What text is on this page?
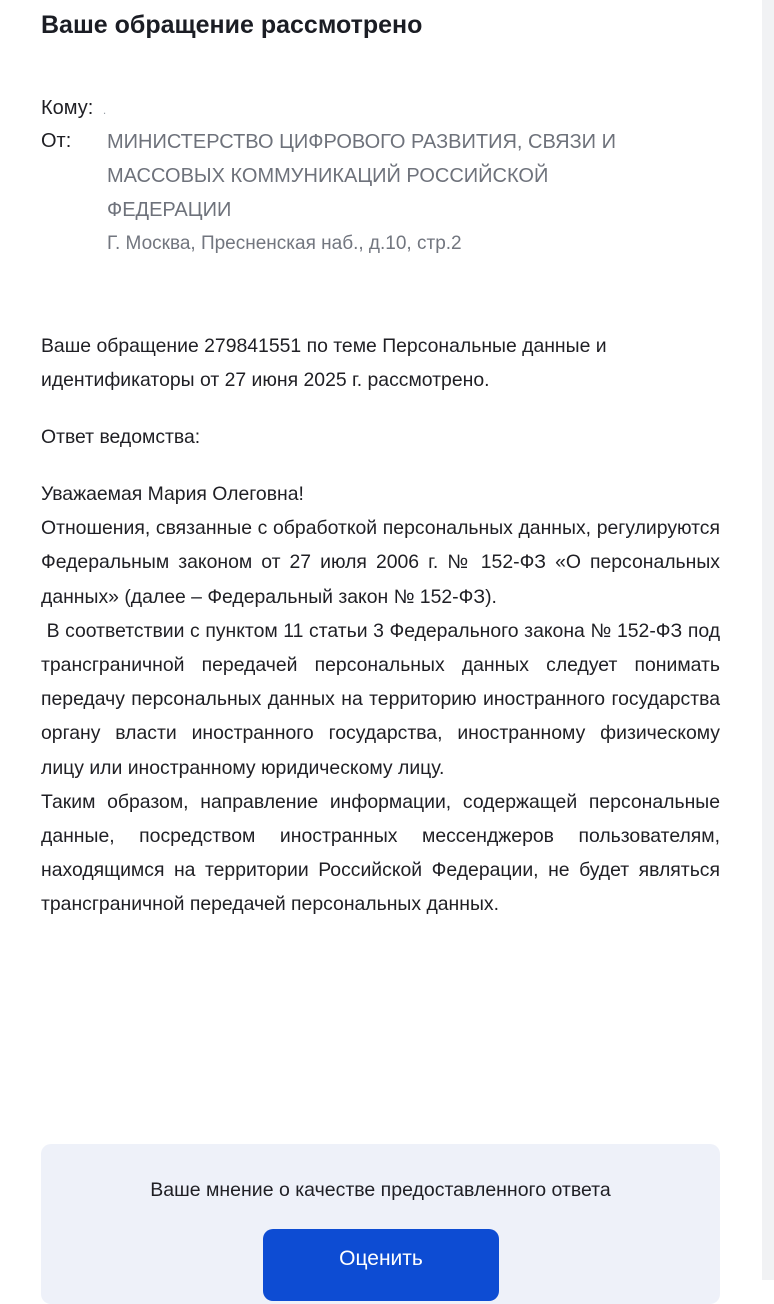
Ваше обращение рассмотрено
Кому: .
От: МИНИСТЕРСТВО ЦИФРОВОГО РАЗВИТИЯ, СВЯЗИ И
МАССОВЫХ КОММУНИКАЦИЙ РОССИЙСКОЙ
ФЕДЕРАЦИИ
Г. Москва, Пресненская наб., д.10, стр.2
Ваше обращение 279841551 по теме Персональные данные и идентификаторы от 27 июня 2025 г. рассмотрено.
Ответ ведомства:

Уважаемая Мария Олеговна!

Отношения, связанные с обработкой персональных данных, регулируются Федеральным законом от 27 июля 2006 г. № 152-ФЗ «О персональных данных» (далее – Федеральный закон № 152-ФЗ).

В соответствии с пунктом 11 статьи 3 Федерального закона № 152-ФЗ под трансграничной передачей персональных данных следует понимать передачу персональных данных на территорию иностранного государства органу власти иностранного государства, иностранному физическому лицу или иностранному юридическому лицу.

Таким образом, направление информации, содержащей персональные данные, посредством иностранных мессенджеров пользователям, находящимся на территории Российской Федерации, не будет являться трансграничной передачей персональных данных.

Ваше мнение о качестве предоставленного ответа
Оценить
